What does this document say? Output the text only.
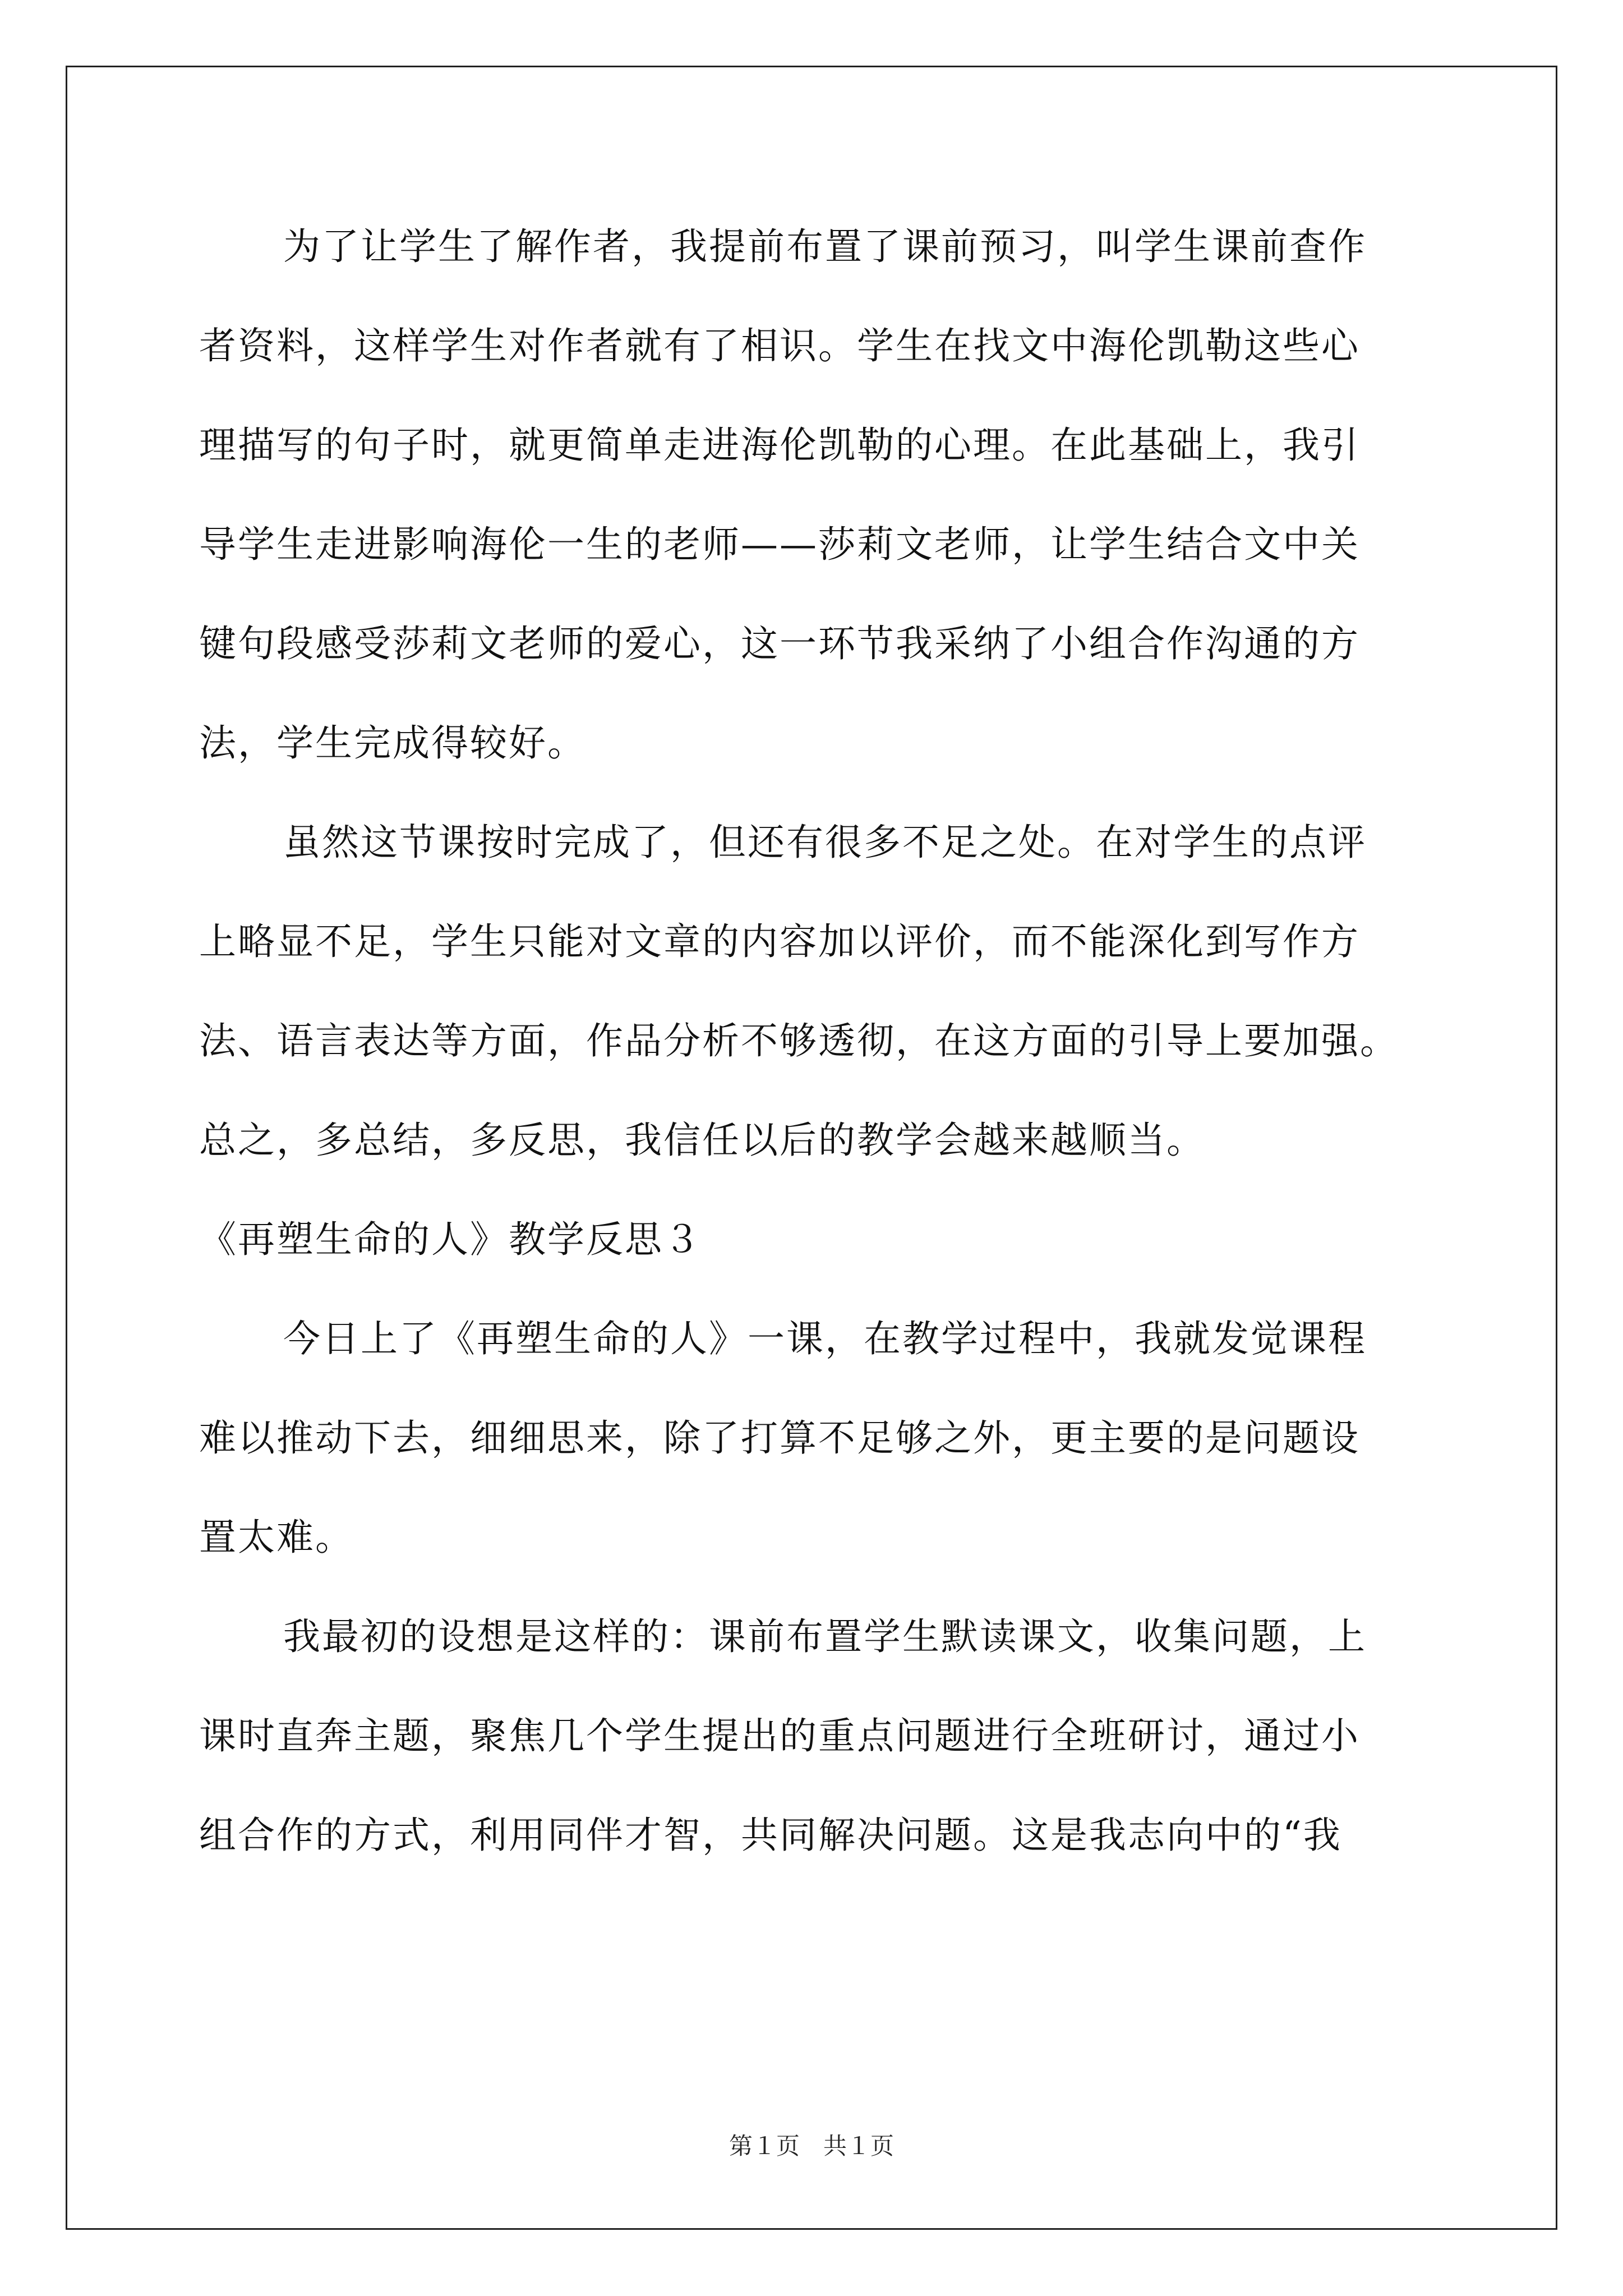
为了让学生了解作者，我提前布置了课前预习，叫学生课前查作
者资料，这样学生对作者就有了相识。学生在找文中海伦凯勒这些心
理描写的句子时，就更简单走进海伦凯勒的心理。在此基础上，我引
导学生走进影响海伦一生的老师——莎莉文老师，让学生结合文中关
键句段感受莎莉文老师的爱心，这一环节我采纳了小组合作沟通的方
法，学生完成得较好。
虽然这节课按时完成了，但还有很多不足之处。在对学生的点评
上略显不足，学生只能对文章的内容加以评价，而不能深化到写作方
法、语言表达等方面，作品分析不够透彻，在这方面的引导上要加强。
总之，多总结，多反思，我信任以后的教学会越来越顺当。
《再塑生命的人》教学反思３
今日上了《再塑生命的人》一课，在教学过程中，我就发觉课程
难以推动下去，细细思来，除了打算不足够之外，更主要的是问题设
置太难。
我最初的设想是这样的：课前布置学生默读课文，收集问题，上
课时直奔主题，聚焦几个学生提出的重点问题进行全班研讨，通过小
组合作的方式，利用同伴才智，共同解决问题。这是我志向中的“我
第１页　共１页
